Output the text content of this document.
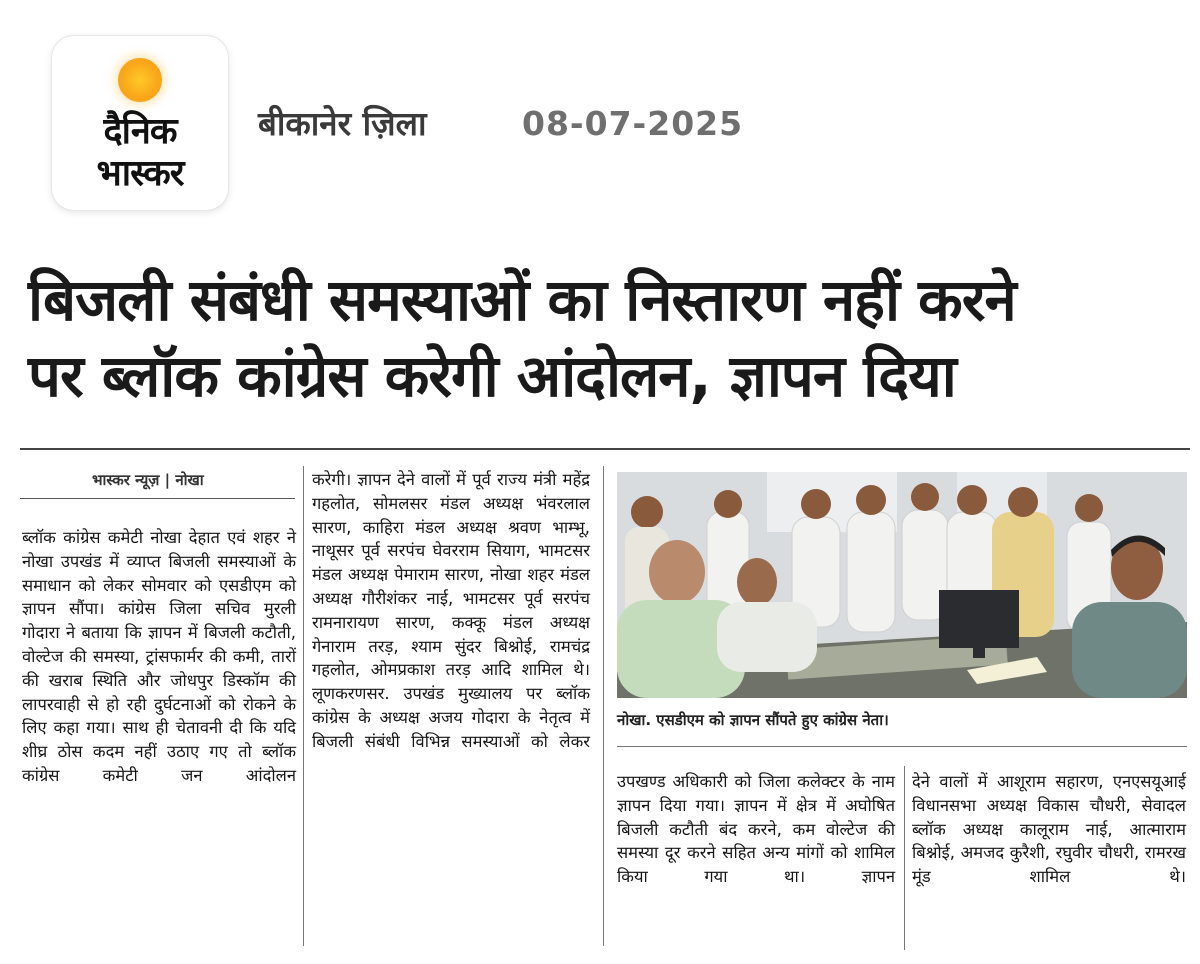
दैनिक
भास्कर
बीकानेर ज़िला	08-07-2025
बिजली संबंधी समस्याओं का निस्तारण नहीं करने
पर ब्लॉक कांग्रेस करेगी आंदोलन, ज्ञापन दिया
भास्कर न्यूज़ | नोखा

ब्लॉक कांग्रेस कमेटी नोखा देहात एवं शहर ने नोखा उपखंड में व्याप्त बिजली समस्याओं के समाधान को लेकर सोमवार को एसडीएम को ज्ञापन सौंपा। कांग्रेस जिला सचिव मुरली गोदारा ने बताया कि ज्ञापन में बिजली कटौती, वोल्टेज की समस्या, ट्रांसफार्मर की कमी, तारों की खराब स्थिति और जोधपुर डिस्कॉम की लापरवाही से हो रही दुर्घटनाओं को रोकने के लिए कहा गया। साथ ही चेतावनी दी कि यदि शीघ्र ठोस कदम नहीं उठाए गए तो ब्लॉक कांग्रेस कमेटी जन आंदोलन

करेगी। ज्ञापन देने वालों में पूर्व राज्य मंत्री महेंद्र गहलोत, सोमलसर मंडल अध्यक्ष भंवरलाल सारण, काहिरा मंडल अध्यक्ष श्रवण भाम्भू, नाथूसर पूर्व सरपंच घेवरराम सियाग, भामटसर मंडल अध्यक्ष पेमाराम सारण, नोखा शहर मंडल अध्यक्ष गौरीशंकर नाई, भामटसर पूर्व सरपंच रामनारायण सारण, कक्कू मंडल अध्यक्ष गेनाराम तरड़, श्याम सुंदर बिश्नोई, रामचंद्र गहलोत, ओमप्रकाश तरड़ आदि शामिल थे। लूणकरणसर. उपखंड मुख्यालय पर ब्लॉक कांग्रेस के अध्यक्ष अजय गोदारा के नेतृत्व में बिजली संबंधी विभिन्न समस्याओं को लेकर

नोखा. एसडीएम को ज्ञापन सौंपते हुए कांग्रेस नेता।

उपखण्ड अधिकारी को जिला कलेक्टर के नाम ज्ञापन दिया गया। ज्ञापन में क्षेत्र में अघोषित बिजली कटौती बंद करने, कम वोल्टेज की समस्या दूर करने सहित अन्य मांगों को शामिल किया गया था। ज्ञापन

देने वालों में आशूराम सहारण, एनएसयूआई विधानसभा अध्यक्ष विकास चौधरी, सेवादल ब्लॉक अध्यक्ष कालूराम नाई, आत्माराम बिश्नोई, अमजद कुरैशी, रघुवीर चौधरी, रामरख मूंड शामिल थे।
